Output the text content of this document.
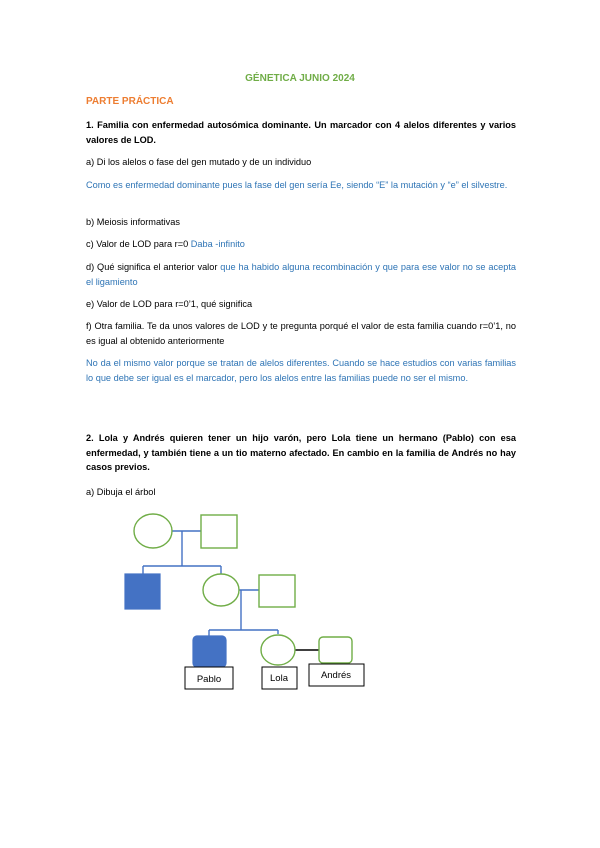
GÉNETICA JUNIO 2024
PARTE PRÁCTICA
1. Familia con enfermedad autosómica dominante. Un marcador con 4 alelos diferentes y varios valores de LOD.
a) Di los alelos o fase del gen mutado y de un individuo
Como es enfermedad dominante pues la fase del gen sería Ee, siendo “E” la mutación y “e” el silvestre.
b) Meiosis informativas
c) Valor de LOD para r=0 Daba -infinito
d) Qué significa el anterior valor que ha habido alguna recombinación y que para ese valor no se acepta el ligamiento
e) Valor de LOD para r=0’1, qué significa
f) Otra familia. Te da unos valores de LOD y te pregunta porqué el valor de esta familia cuando r=0’1, no es igual al obtenido anteriormente
No da el mismo valor porque se tratan de alelos diferentes. Cuando se hace estudios con varias familias lo que debe ser igual es el marcador, pero los alelos entre las familias puede no ser el mismo.
2. Lola y Andrés quieren tener un hijo varón, pero Lola tiene un hermano (Pablo) con esa enfermedad, y también tiene a un tio materno afectado. En cambio en la familia de Andrés no hay casos previos.
a) Dibuja el árbol
Pablo	Lola	Andrés
